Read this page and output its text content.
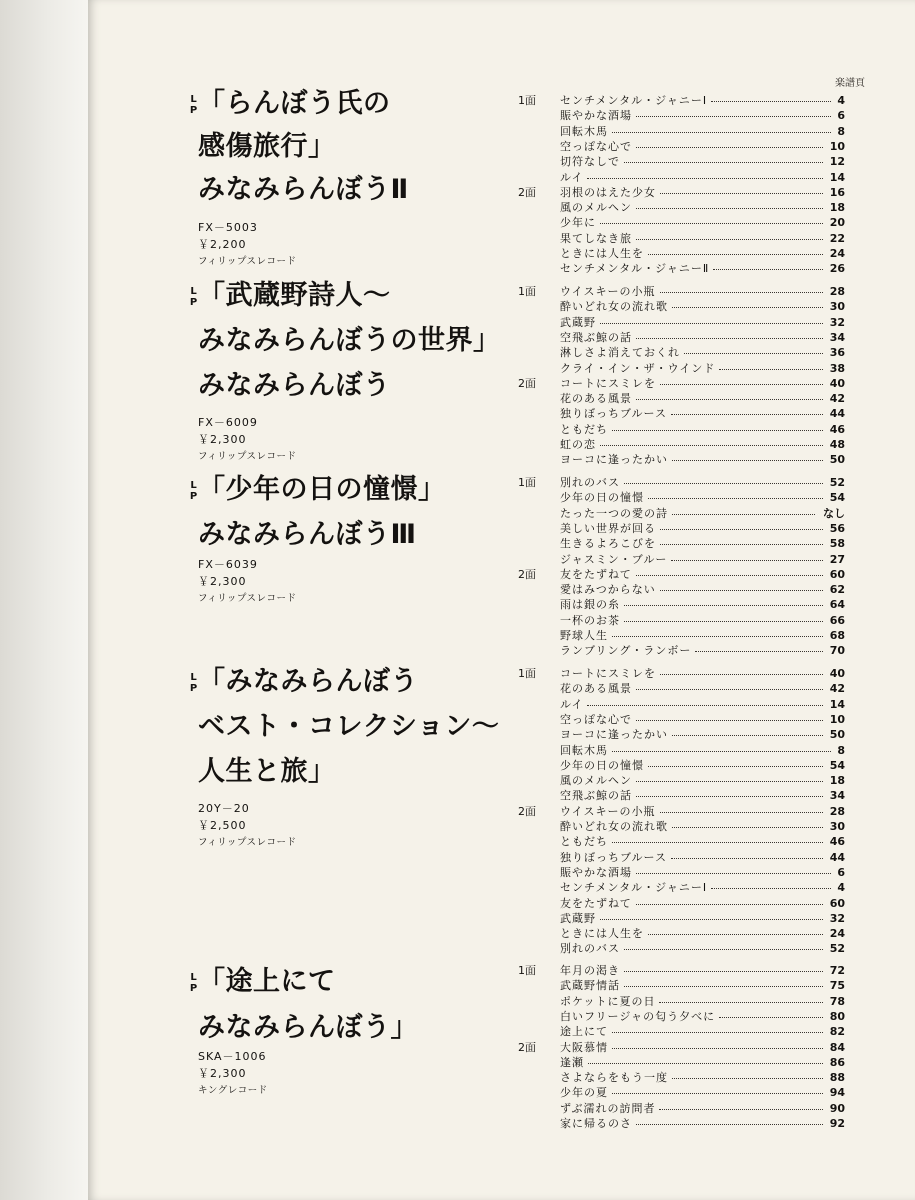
楽譜頁
L
P 「らんぼう氏の
感傷旅行」
みなみらんぼうⅡ
FX－5003
￥2,200
フィリップスレコード
1面	センチメンタル・ジャニーⅠ	4
賑やかな酒場	6
回転木馬	8
空っぽな心で	10
切符なしで	12
ルイ	14
2面	羽根のはえた少女	16
風のメルヘン	18
少年に	20
果てしなき旅	22
ときには人生を	24
センチメンタル・ジャニーⅡ	26
L
P 「武蔵野詩人～
みなみらんぼうの世界」
みなみらんぼう
FX－6009
￥2,300
フィリップスレコード
1面	ウイスキーの小瓶	28
酔いどれ女の流れ歌	30
武蔵野	32
空飛ぶ鯨の話	34
淋しさよ消えておくれ	36
クライ・イン・ザ・ウインド	38
2面	コートにスミレを	40
花のある風景	42
独りぼっちブルース	44
ともだち	46
虹の恋	48
ヨーコに逢ったかい	50
L
P 「少年の日の憧憬」
みなみらんぼうⅢ
FX－6039
￥2,300
フィリップスレコード
1面	別れのバス	52
少年の日の憧憬	54
たった一つの愛の詩	なし
美しい世界が回る	56
生きるよろこびを	58
ジャスミン・ブルー	27
2面	友をたずねて	60
愛はみつからない	62
雨は銀の糸	64
一杯のお茶	66
野球人生	68
ランブリング・ランボー	70
L
P 「みなみらんぼう
ベスト・コレクション～
人生と旅」
20Y－20
￥2,500
フィリップスレコード
1面	コートにスミレを	40
花のある風景	42
ルイ	14
空っぽな心で	10
ヨーコに逢ったかい	50
回転木馬	8
少年の日の憧憬	54
風のメルヘン	18
空飛ぶ鯨の話	34
2面	ウイスキーの小瓶	28
酔いどれ女の流れ歌	30
ともだち	46
独りぼっちブルース	44
賑やかな酒場	6
センチメンタル・ジャニーⅠ	4
友をたずねて	60
武蔵野	32
ときには人生を	24
別れのバス	52
L
P 「途上にて
みなみらんぼう」
SKA－1006
￥2,300
キングレコード
1面	年月の渇き	72
武蔵野情話	75
ポケットに夏の日	78
白いフリージャの匂う夕べに	80
途上にて	82
2面	大阪慕情	84
逢瀬	86
さよならをもう一度	88
少年の夏	94
ずぶ濡れの訪問者	90
家に帰るのさ	92
